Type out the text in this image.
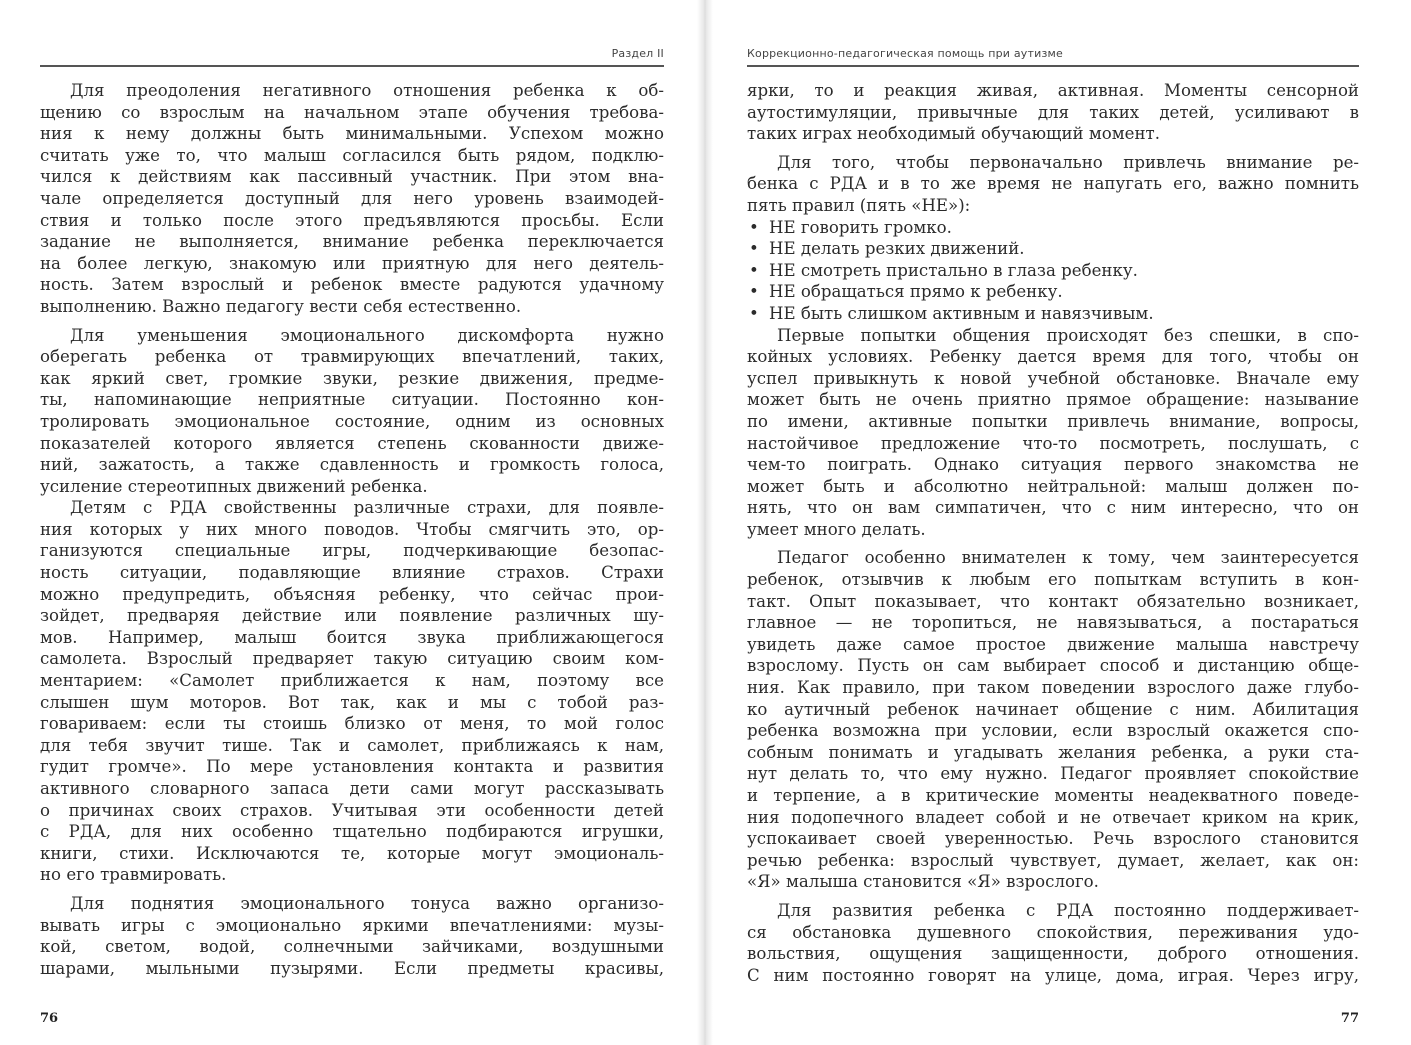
Раздел II
Для преодоления негативного отношения ребенка к об-
щению со взрослым на начальном этапе обучения требова-
ния к нему должны быть минимальными. Успехом можно
считать уже то, что малыш согласился быть рядом, подклю-
чился к действиям как пассивный участник. При этом вна-
чале определяется доступный для него уровень взаимодей-
ствия и только после этого предъявляются просьбы. Если
задание не выполняется, внимание ребенка переключается
на более легкую, знакомую или приятную для него деятель-
ность. Затем взрослый и ребенок вместе радуются удачному
выполнению. Важно педагогу вести себя естественно.
Для уменьшения эмоционального дискомфорта нужно
оберегать ребенка от травмирующих впечатлений, таких,
как яркий свет, громкие звуки, резкие движения, предме-
ты, напоминающие неприятные ситуации. Постоянно кон-
тролировать эмоциональное состояние, одним из основных
показателей которого является степень скованности движе-
ний, зажатость, а также сдавленность и громкость голоса,
усиление стереотипных движений ребенка.
Детям с РДА свойственны различные страхи, для появле-
ния которых у них много поводов. Чтобы смягчить это, ор-
ганизуются специальные игры, подчеркивающие безопас-
ность ситуации, подавляющие влияние страхов. Страхи
можно предупредить, объясняя ребенку, что сейчас прои-
зойдет, предваряя действие или появление различных шу-
мов. Например, малыш боится звука приближающегося
самолета. Взрослый предваряет такую ситуацию своим ком-
ментарием: «Самолет приближается к нам, поэтому все
слышен шум моторов. Вот так, как и мы с тобой раз-
говариваем: если ты стоишь близко от меня, то мой голос
для тебя звучит тише. Так и самолет, приближаясь к нам,
гудит громче». По мере установления контакта и развития
активного словарного запаса дети сами могут рассказывать
о причинах своих страхов. Учитывая эти особенности детей
с РДА, для них особенно тщательно подбираются игрушки,
книги, стихи. Исключаются те, которые могут эмоциональ-
но его травмировать.
Для поднятия эмоционального тонуса важно организо-
вывать игры с эмоционально яркими впечатлениями: музы-
кой, светом, водой, солнечными зайчиками, воздушными
шарами, мыльными пузырями. Если предметы красивы,
76
Коррекционно-педагогическая помощь при аутизме
ярки, то и реакция живая, активная. Моменты сенсорной
аутостимуляции, привычные для таких детей, усиливают в
таких играх необходимый обучающий момент.
Для того, чтобы первоначально привлечь внимание ре-
бенка с РДА и в то же время не напугать его, важно помнить
пять правил (пять «НЕ»):
• НЕ говорить громко.
• НЕ делать резких движений.
• НЕ смотреть пристально в глаза ребенку.
• НЕ обращаться прямо к ребенку.
• НЕ быть слишком активным и навязчивым.
Первые попытки общения происходят без спешки, в спо-
койных условиях. Ребенку дается время для того, чтобы он
успел привыкнуть к новой учебной обстановке. Вначале ему
может быть не очень приятно прямое обращение: называние
по имени, активные попытки привлечь внимание, вопросы,
настойчивое предложение что-то посмотреть, послушать, с
чем-то поиграть. Однако ситуация первого знакомства не
может быть и абсолютно нейтральной: малыш должен по-
нять, что он вам симпатичен, что с ним интересно, что он
умеет много делать.
Педагог особенно внимателен к тому, чем заинтересуется
ребенок, отзывчив к любым его попыткам вступить в кон-
такт. Опыт показывает, что контакт обязательно возникает,
главное — не торопиться, не навязываться, а постараться
увидеть даже самое простое движение малыша навстречу
взрослому. Пусть он сам выбирает способ и дистанцию обще-
ния. Как правило, при таком поведении взрослого даже глубо-
ко аутичный ребенок начинает общение с ним. Абилитация
ребенка возможна при условии, если взрослый окажется спо-
собным понимать и угадывать желания ребенка, а руки ста-
нут делать то, что ему нужно. Педагог проявляет спокойствие
и терпение, а в критические моменты неадекватного поведе-
ния подопечного владеет собой и не отвечает криком на крик,
успокаивает своей уверенностью. Речь взрослого становится
речью ребенка: взрослый чувствует, думает, желает, как он:
«Я» малыша становится «Я» взрослого.
Для развития ребенка с РДА постоянно поддерживает-
ся обстановка душевного спокойствия, переживания удо-
вольствия, ощущения защищенности, доброго отношения.
С ним постоянно говорят на улице, дома, играя. Через игру,
77
